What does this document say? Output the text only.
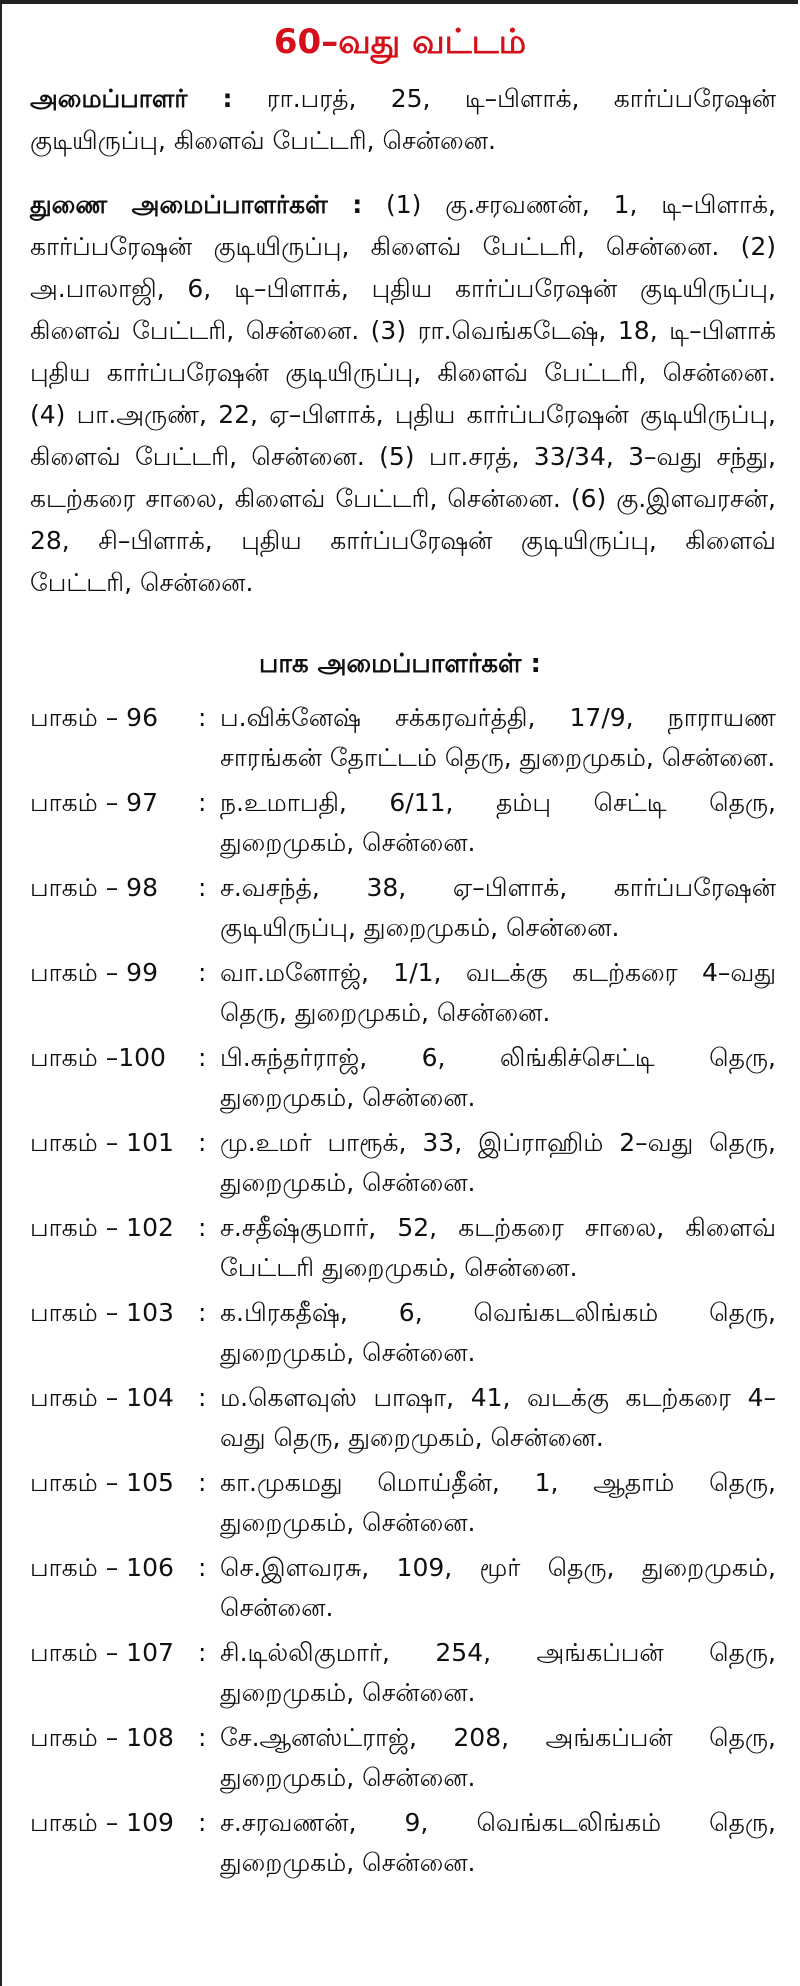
60–வது வட்டம்

அமைப்பாளர் : ரா.பரத், 25, டி–பிளாக், கார்ப்பரேஷன் குடியிருப்பு, கிளைவ் பேட்டரி, சென்னை.

துணை அமைப்பாளர்கள் : (1) கு.சரவணன், 1, டி–பிளாக், கார்ப்பரேஷன் குடியிருப்பு, கிளைவ் பேட்டரி, சென்னை. (2) அ.பாலாஜி, 6, டி–பிளாக், புதிய கார்ப்பரேஷன் குடியிருப்பு, கிளைவ் பேட்டரி, சென்னை. (3) ரா.வெங்கடேஷ், 18, டி–பிளாக் புதிய கார்ப்பரேஷன் குடியிருப்பு, கிளைவ் பேட்டரி, சென்னை. (4) பா.அருண், 22, ஏ–பிளாக், புதிய கார்ப்பரேஷன் குடியிருப்பு, கிளைவ் பேட்டரி, சென்னை. (5) பா.சரத், 33/34, 3–வது சந்து, கடற்கரை சாலை, கிளைவ் பேட்டரி, சென்னை. (6) கு.இளவரசன், 28, சி–பிளாக், புதிய கார்ப்பரேஷன் குடியிருப்பு, கிளைவ் பேட்டரி, சென்னை.

பாக அமைப்பாளர்கள் :
பாகம் – 96	: ப.விக்னேஷ் சக்கரவர்த்தி, 17/9, நாராயண சாரங்கன் தோட்டம் தெரு, துறைமுகம், சென்னை.
பாகம் – 97	: ந.உமாபதி, 6/11, தம்பு செட்டி தெரு, துறைமுகம், சென்னை.
பாகம் – 98	: ச.வசந்த், 38, ஏ–பிளாக், கார்ப்பரேஷன் குடியிருப்பு, துறைமுகம், சென்னை.
பாகம் – 99	: வா.மனோஜ், 1/1, வடக்கு கடற்கரை 4–வது தெரு, துறைமுகம், சென்னை.
பாகம் –100	: பி.சுந்தர்ராஜ், 6, லிங்கிச்செட்டி தெரு, துறைமுகம், சென்னை.
பாகம் – 101 : மு.உமர் பாரூக், 33, இப்ராஹிம் 2–வது தெரு, துறைமுகம், சென்னை.
பாகம் – 102 : ச.சதீஷ்குமார், 52, கடற்கரை சாலை, கிளைவ் பேட்டரி துறைமுகம், சென்னை.
பாகம் – 103 : க.பிரகதீஷ், 6, வெங்கடலிங்கம் தெரு, துறைமுகம், சென்னை.
பாகம் – 104 : ம.கௌவுஸ் பாஷா, 41, வடக்கு கடற்கரை 4–வது தெரு, துறைமுகம், சென்னை.
பாகம் – 105 : கா.முகமது மொய்தீன், 1, ஆதாம் தெரு, துறைமுகம், சென்னை.
பாகம் – 106 : செ.இளவரசு, 109, மூர் தெரு, துறைமுகம், சென்னை.
பாகம் – 107 : சி.டில்லிகுமார், 254, அங்கப்பன் தெரு, துறைமுகம், சென்னை.
பாகம் – 108 : சே.ஆனஸ்ட்ராஜ், 208, அங்கப்பன் தெரு, துறைமுகம், சென்னை.
பாகம் – 109 : ச.சரவணன், 9, வெங்கடலிங்கம் தெரு, துறைமுகம், சென்னை.
